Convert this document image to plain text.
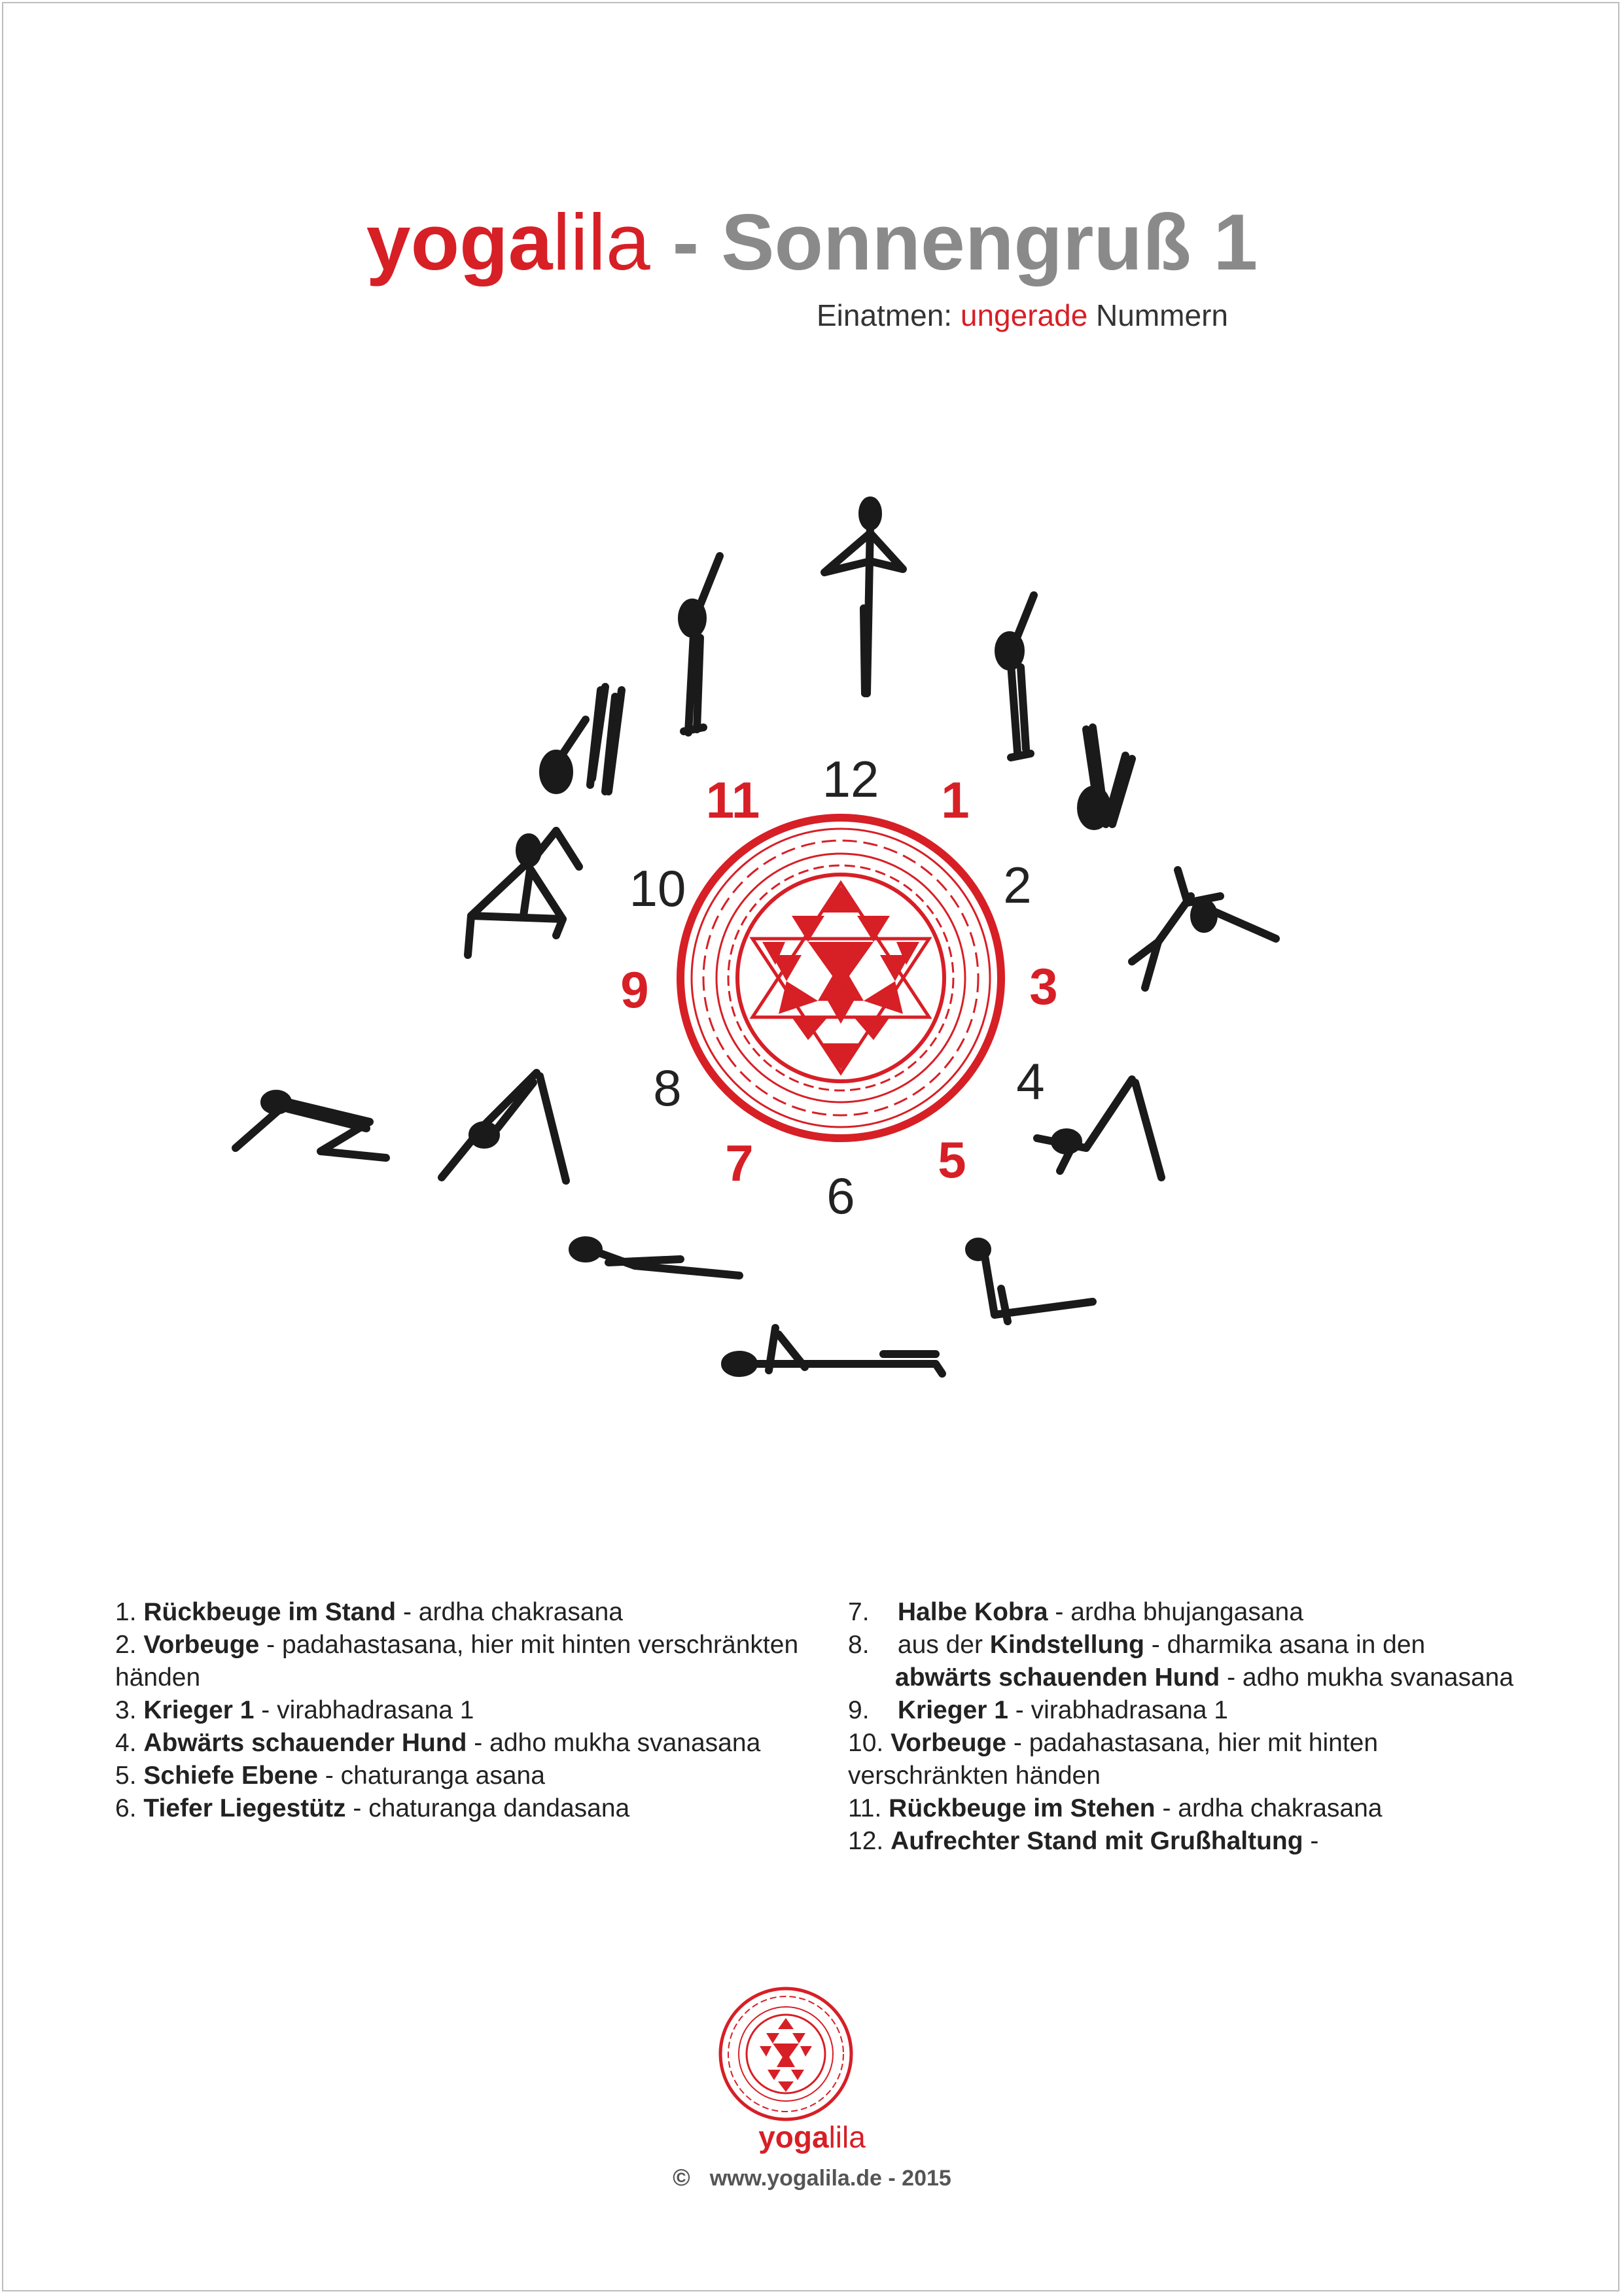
yogalila - Sonnengruß 1
Einatmen: ungerade Nummern
12 1
2
3
4
5
6
7
8
9
10
11
1. Rückbeuge im Stand - ardha chakrasana
2. Vorbeuge - padahastasana, hier mit hinten verschränkten händen
3. Krieger 1 - virabhadrasana 1
4. Abwärts schauender Hund - adho mukha svanasana
5. Schiefe Ebene - chaturanga asana
6. Tiefer Liegestütz - chaturanga dandasana
7. Halbe Kobra - ardha bhujangasana
8. aus der Kindstellung - dharmika asana in den
abwärts schauenden Hund - adho mukha svanasana
9. Krieger 1 - virabhadrasana 1
10. Vorbeuge - padahastasana, hier mit hinten verschränkten händen
11. Rückbeuge im Stehen - ardha chakrasana
12. Aufrechter Stand mit Grußhaltung -
yogalila
© www.yogalila.de - 2015
